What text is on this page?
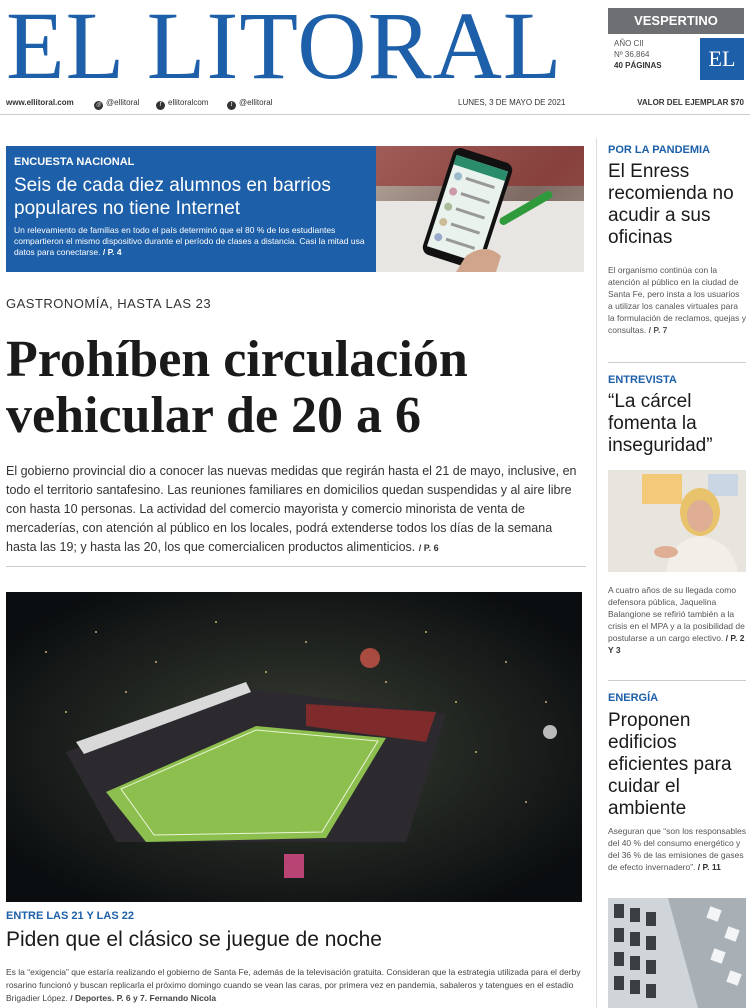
EL LITORAL	VESPERTINO
AÑO CII
Nº 36.864
40 PÁGINAS	EL
www.ellitoral.com	◎ @ellitoral	f ellitoralcom	t @ellitoral	LUNES, 3 DE MAYO DE 2021	VALOR DEL EJEMPLAR $70
ENCUESTA NACIONAL
Seis de cada diez alumnos en barrios populares no tiene Internet
Un relevamiento de familias en todo el país determinó que el 80 % de los estudiantes compartieron el mismo dispositivo durante el período de clases a distancia. Casi la mitad usa datos para conectarse. / P. 4
GASTRONOMÍA, HASTA LAS 23
Prohíben circulación vehicular de 20 a 6
El gobierno provincial dio a conocer las nuevas medidas que regirán hasta el 21 de mayo, inclusive, en todo el territorio santafesino. Las reuniones familiares en domicilios quedan suspendidas y al aire libre con hasta 10 personas. La actividad del comercio mayorista y comercio minorista de venta de mercaderías, con atención al público en los locales, podrá extenderse todos los días de la semana hasta las 19; y hasta las 20, los que comercialicen productos alimenticios. / P. 6
ENTRE LAS 21 Y LAS 22
Piden que el clásico se juegue de noche
Es la “exigencia” que estaría realizando el gobierno de Santa Fe, además de la televisación gratuita. Consideran que la estrategia utilizada para el derby rosarino funcionó y buscan replicarla el próximo domingo cuando se vean las caras, por primera vez en pandemia, sabaleros y tatengues en el estadio Brigadier López. / Deportes. P. 6 y 7. Fernando Nicola
POR LA PANDEMIA
El Enress recomienda no acudir a sus oficinas
El organismo continúa con la atención al público en la ciudad de Santa Fe, pero insta a los usuarios a utilizar los canales virtuales para la formulación de reclamos, quejas y consultas. / P. 7
ENTREVISTA
“La cárcel fomenta la inseguridad”
A cuatro años de su llegada como defensora pública, Jaquelina Balangione se refirió también a la crisis en el MPA y a la posibilidad de postularse a un cargo electivo. / P. 2 Y 3
ENERGÍA
Proponen edificios eficientes para cuidar el ambiente
Aseguran que “son los responsables del 40 % del consumo energético y del 36 % de las emisiones de gases de efecto invernadero”. / P. 11
